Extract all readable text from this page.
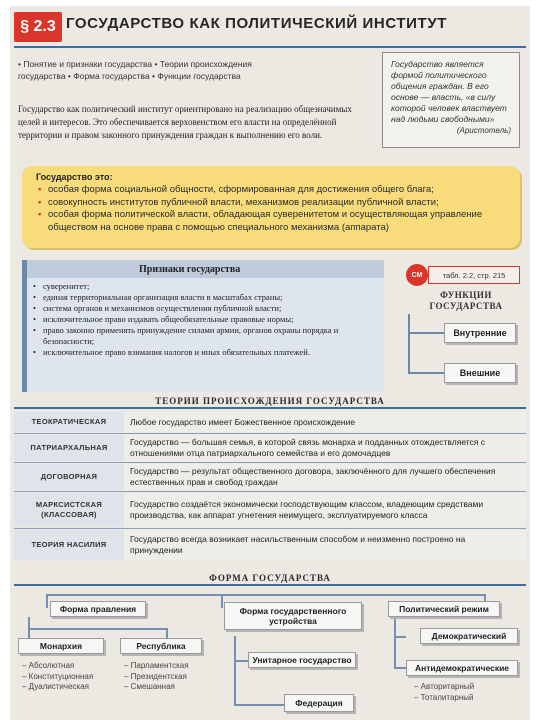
§ 2.3 ГОСУДАРСТВО КАК ПОЛИТИЧЕСКИЙ ИНСТИТУТ
• Понятие и признаки государства • Теории происхождения
государства • Форма государства • Функции государства
Государство является формой политического общения граждан. В его основе — власть, «в силу которой человек властвует над людьми свободными»
(Аристотель)
Государство как политический институт ориентировано на реализацию общезначимых целей и интересов. Это обеспечивается верховенством его власти на определённой территории и правом законного принуждения граждан к выполнению его воли.
Государство это:
• особая форма социальной общности, сформированная для достижения общего блага;
• совокупность институтов публичной власти, механизмов реализации публичной власти;
• особая форма политической власти, обладающая суверенитетом и осуществляющая управление обществом на основе права с помощью специального механизма (аппарата)
Признаки государства
• суверенитет;
• единая территориальная организация власти в масштабах страны;
• система органов и механизмов осуществления публичной власти;
• исключительное право издавать общеобязательные правовые нормы;
• право законно применять принуждение силами армии, органов охраны порядка и безопасности;
• исключительное право взимания налогов и иных обязательных платежей.
СМ	табл. 2.2, стр. 215
ФУНКЦИИ ГОСУДАРСТВА
Внутренние
Внешние
ТЕОРИИ ПРОИСХОЖДЕНИЯ ГОСУДАРСТВА
ТЕОКРАТИЧЕСКАЯ	Любое государство имеет Божественное происхождение
ПАТРИАРХАЛЬНАЯ
Государство — большая семья, в которой связь монарха и подданных отождествляется с отношениями отца патриархального семейства и его домочадцев
ДОГОВОРНАЯ
Государство — результат общественного договора, заключённого для лучшего обеспечения естественных прав и свобод граждан
МАРКСИСТСКАЯ (КЛАССОВАЯ)
Государство создаётся экономически господствующим классом, владеющим средствами производства, как аппарат угнетения неимущего, эксплуатируемого класса
ТЕОРИЯ НАСИЛИЯ
Государство всегда возникает насильственным способом и неизменно построено на принуждении
ФОРМА ГОСУДАРСТВА
Форма правления
Монархия
– Абсолютная
– Конституционная
– Дуалистическая
Республика
– Парламентская
– Президентская
– Смешанная
Форма государственного устройства
Унитарное государство
Федерация
Политический режим
Демократический
Антидемократические
– Авторитарный
– Тоталитарный
